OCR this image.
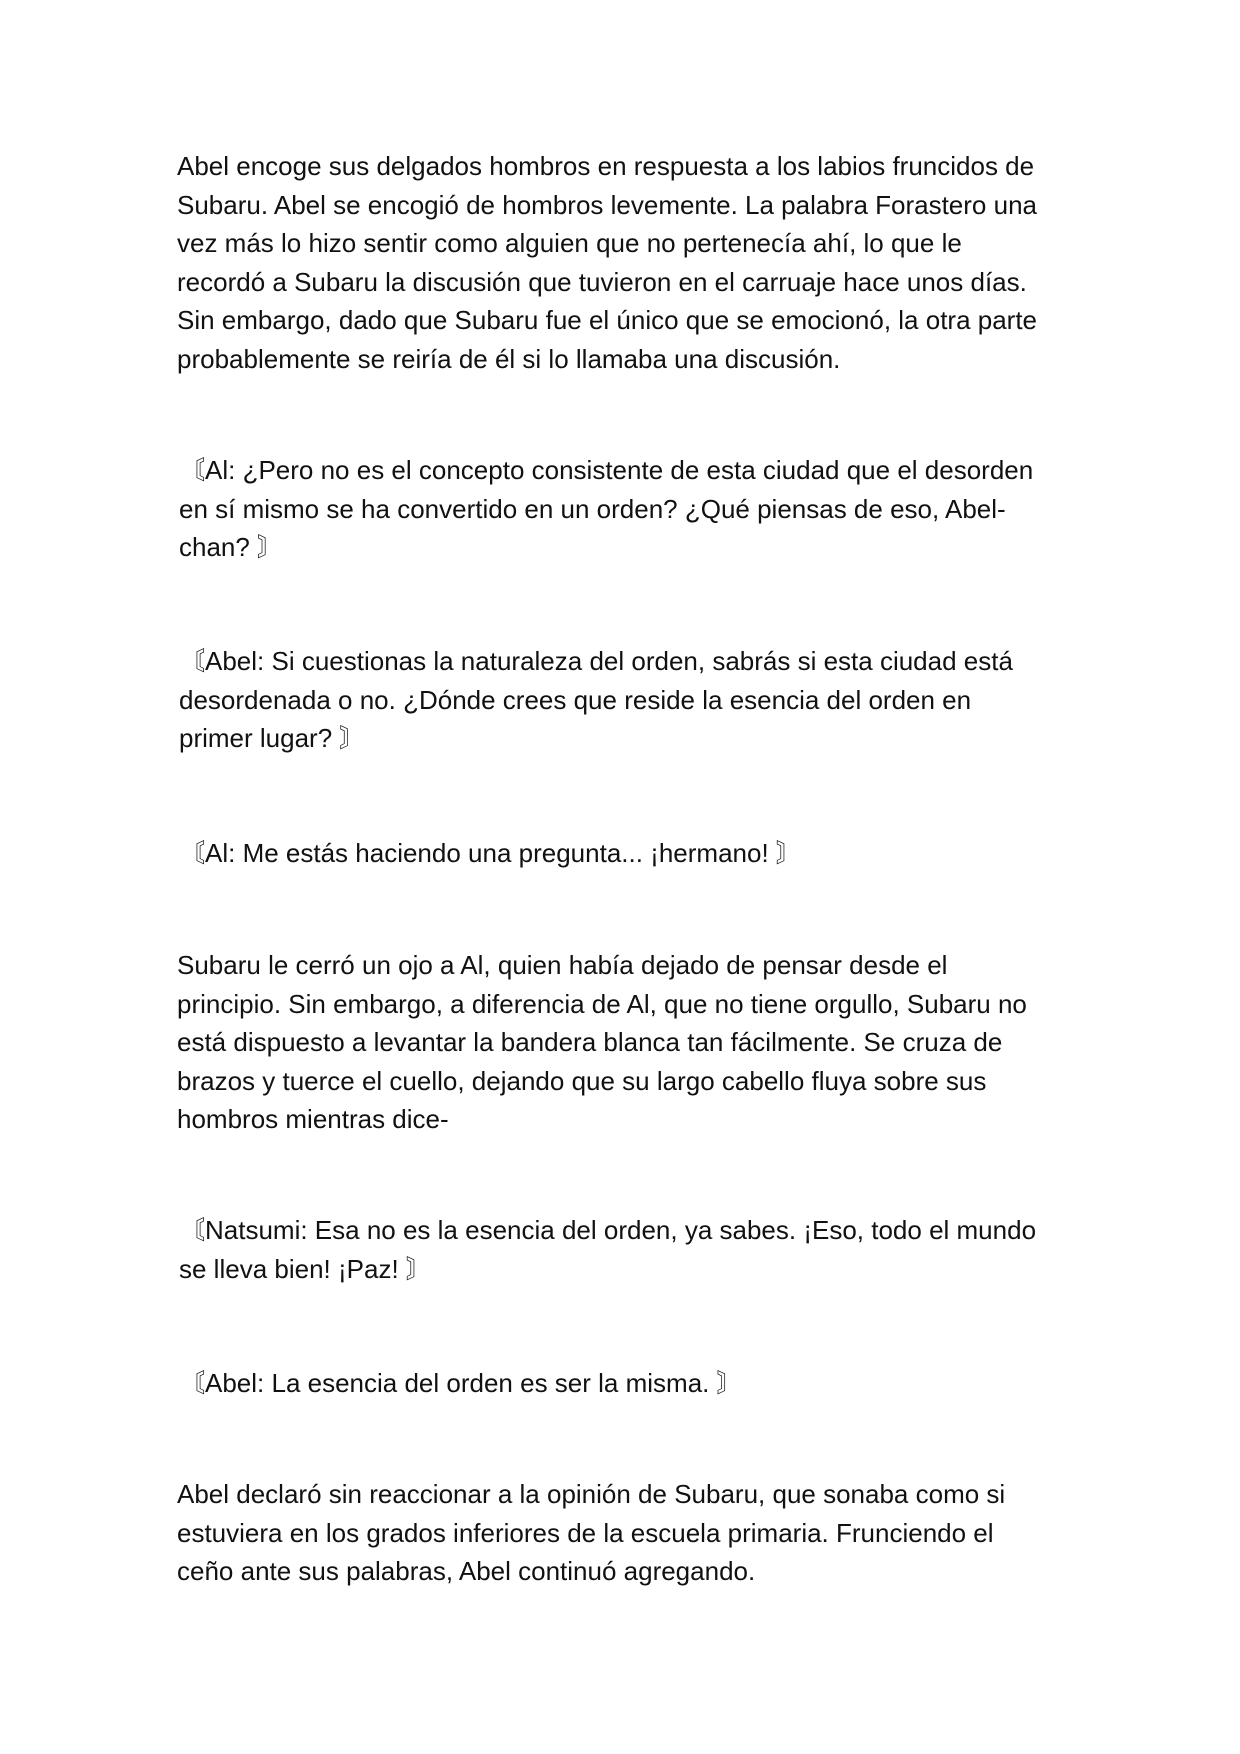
Abel encoge sus delgados hombros en respuesta a los labios fruncidos de
Subaru. Abel se encogió de hombros levemente. La palabra Forastero una
vez más lo hizo sentir como alguien que no pertenecía ahí, lo que le
recordó a Subaru la discusión que tuvieron en el carruaje hace unos días.
Sin embargo, dado que Subaru fue el único que se emocionó, la otra parte
probablemente se reiría de él si lo llamaba una discusión.

〘Al: ¿Pero no es el concepto consistente de esta ciudad que el desorden
en sí mismo se ha convertido en un orden? ¿Qué piensas de eso, Abel-
chan? 〙

〘Abel: Si cuestionas la naturaleza del orden, sabrás si esta ciudad está
desordenada o no. ¿Dónde crees que reside la esencia del orden en
primer lugar? 〙

〘Al: Me estás haciendo una pregunta... ¡hermano! 〙

Subaru le cerró un ojo a Al, quien había dejado de pensar desde el
principio. Sin embargo, a diferencia de Al, que no tiene orgullo, Subaru no
está dispuesto a levantar la bandera blanca tan fácilmente. Se cruza de
brazos y tuerce el cuello, dejando que su largo cabello fluya sobre sus
hombros mientras dice-

〘Natsumi: Esa no es la esencia del orden, ya sabes. ¡Eso, todo el mundo
se lleva bien! ¡Paz! 〙

〘Abel: La esencia del orden es ser la misma. 〙

Abel declaró sin reaccionar a la opinión de Subaru, que sonaba como si
estuviera en los grados inferiores de la escuela primaria. Frunciendo el
ceño ante sus palabras, Abel continuó agregando.
